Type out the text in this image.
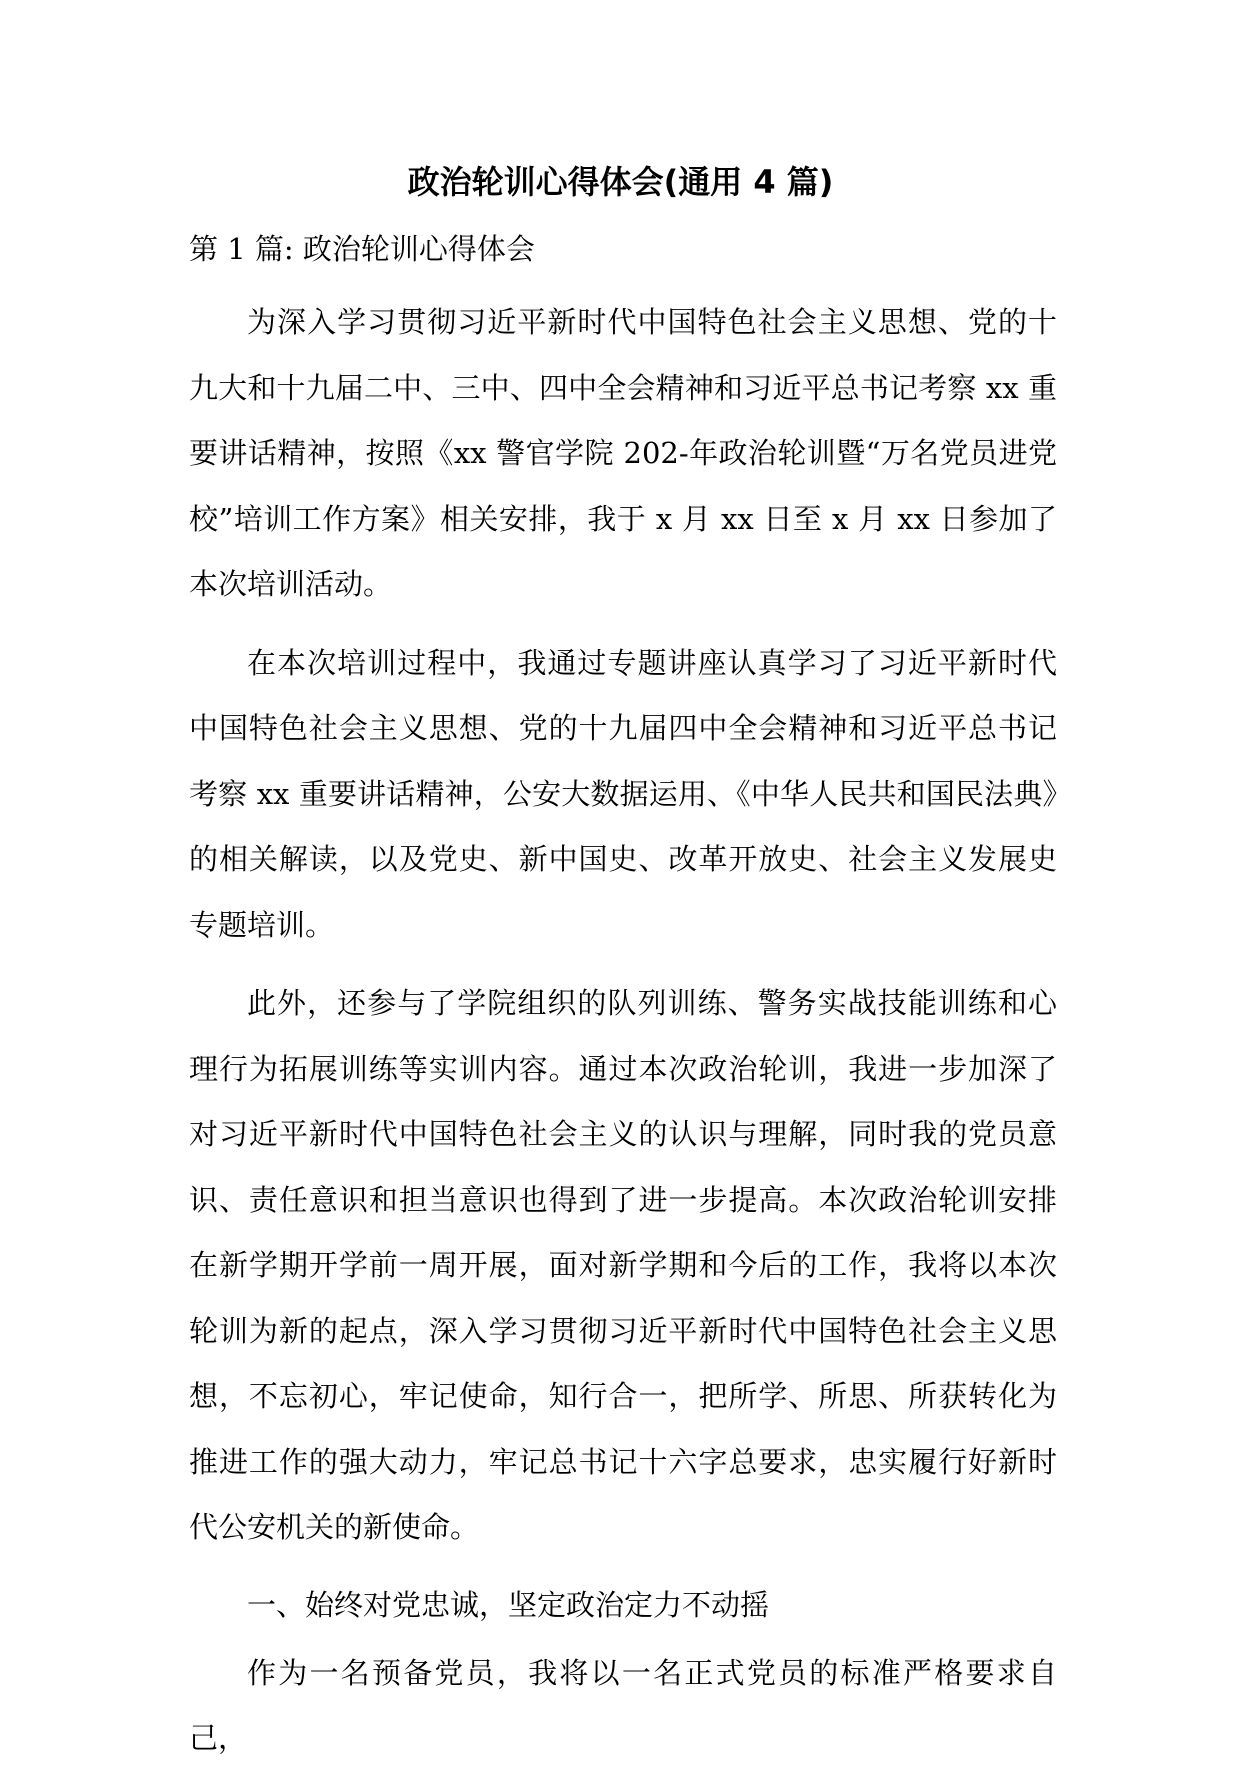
政治轮训心得体会(通用 4 篇)
第 1 篇: 政治轮训心得体会

为深入学习贯彻习近平新时代中国特色社会主义思想、党的十九大和十九届二中、三中、四中全会精神和习近平总书记考察 xx 重要讲话精神，按照《xx 警官学院 202-年政治轮训暨“万名党员进党校”培训工作方案》相关安排，我于 x 月 xx 日至 x 月 xx 日参加了本次培训活动。

在本次培训过程中，我通过专题讲座认真学习了习近平新时代中国特色社会主义思想、党的十九届四中全会精神和习近平总书记考察 xx 重要讲话精神，公安大数据运用、《中华人民共和国民法典》的相关解读，以及党史、新中国史、改革开放史、社会主义发展史专题培训。

此外，还参与了学院组织的队列训练、警务实战技能训练和心理行为拓展训练等实训内容。通过本次政治轮训，我进一步加深了对习近平新时代中国特色社会主义的认识与理解，同时我的党员意识、责任意识和担当意识也得到了进一步提高。本次政治轮训安排在新学期开学前一周开展，面对新学期和今后的工作，我将以本次轮训为新的起点，深入学习贯彻习近平新时代中国特色社会主义思想，不忘初心，牢记使命，知行合一，把所学、所思、所获转化为推进工作的强大动力，牢记总书记十六字总要求，忠实履行好新时代公安机关的新使命。

一、始终对党忠诚，坚定政治定力不动摇

作为一名预备党员，我将以一名正式党员的标准严格要求自己，
